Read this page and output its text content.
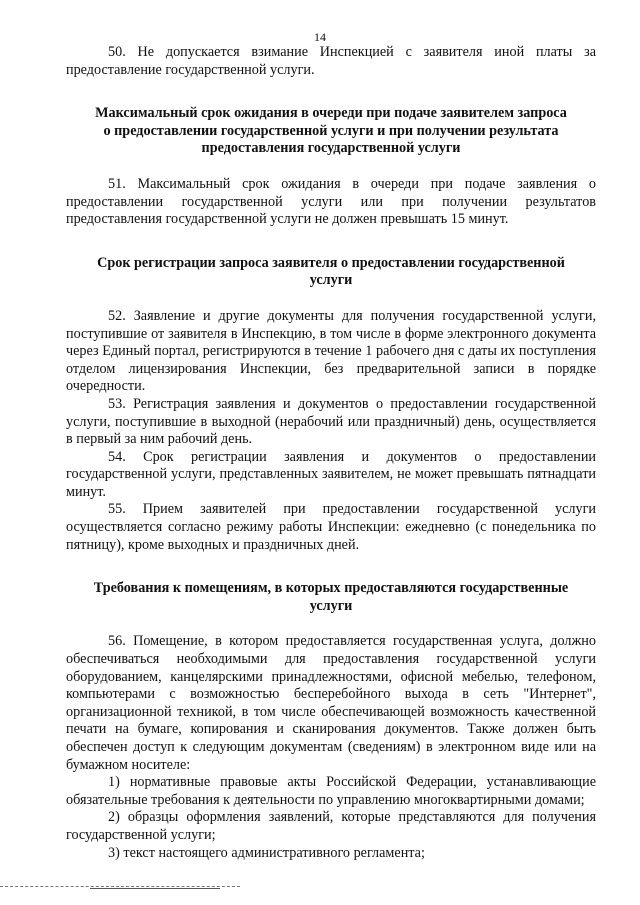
14

50. Не допускается взимание Инспекцией с заявителя иной платы за предоставление государственной услуги.

Максимальный срок ожидания в очереди при подаче заявителем запроса о предоставлении государственной услуги и при получении результата предоставления государственной услуги

51. Максимальный срок ожидания в очереди при подаче заявления о предоставлении государственной услуги или при получении результатов предоставления государственной услуги не должен превышать 15 минут.

Срок регистрации запроса заявителя о предоставлении государственной услуги

52. Заявление и другие документы для получения государственной услуги, поступившие от заявителя в Инспекцию, в том числе в форме электронного документа через Единый портал, регистрируются в течение 1 рабочего дня с даты их поступления отделом лицензирования Инспекции, без предварительной записи в порядке очередности.

53. Регистрация заявления и документов о предоставлении государственной услуги, поступившие в выходной (нерабочий или праздничный) день, осуществляется в первый за ним рабочий день.

54. Срок регистрации заявления и документов о предоставлении государственной услуги, представленных заявителем, не может превышать пятнадцати минут.

55. Прием заявителей при предоставлении государственной услуги осуществляется согласно режиму работы Инспекции: ежедневно (с понедельника по пятницу), кроме выходных и праздничных дней.

Требования к помещениям, в которых предоставляются государственные услуги

56. Помещение, в котором предоставляется государственная услуга, должно обеспечиваться необходимыми для предоставления государственной услуги оборудованием, канцелярскими принадлежностями, офисной мебелью, телефоном, компьютерами с возможностью бесперебойного выхода в сеть "Интернет", организационной техникой, в том числе обеспечивающей возможность качественной печати на бумаге, копирования и сканирования документов. Также должен быть обеспечен доступ к следующим документам (сведениям) в электронном виде или на бумажном носителе:

1) нормативные правовые акты Российской Федерации, устанавливающие обязательные требования к деятельности по управлению многоквартирными домами;

2) образцы оформления заявлений, которые представляются для получения государственной услуги;

3) текст настоящего административного регламента;
